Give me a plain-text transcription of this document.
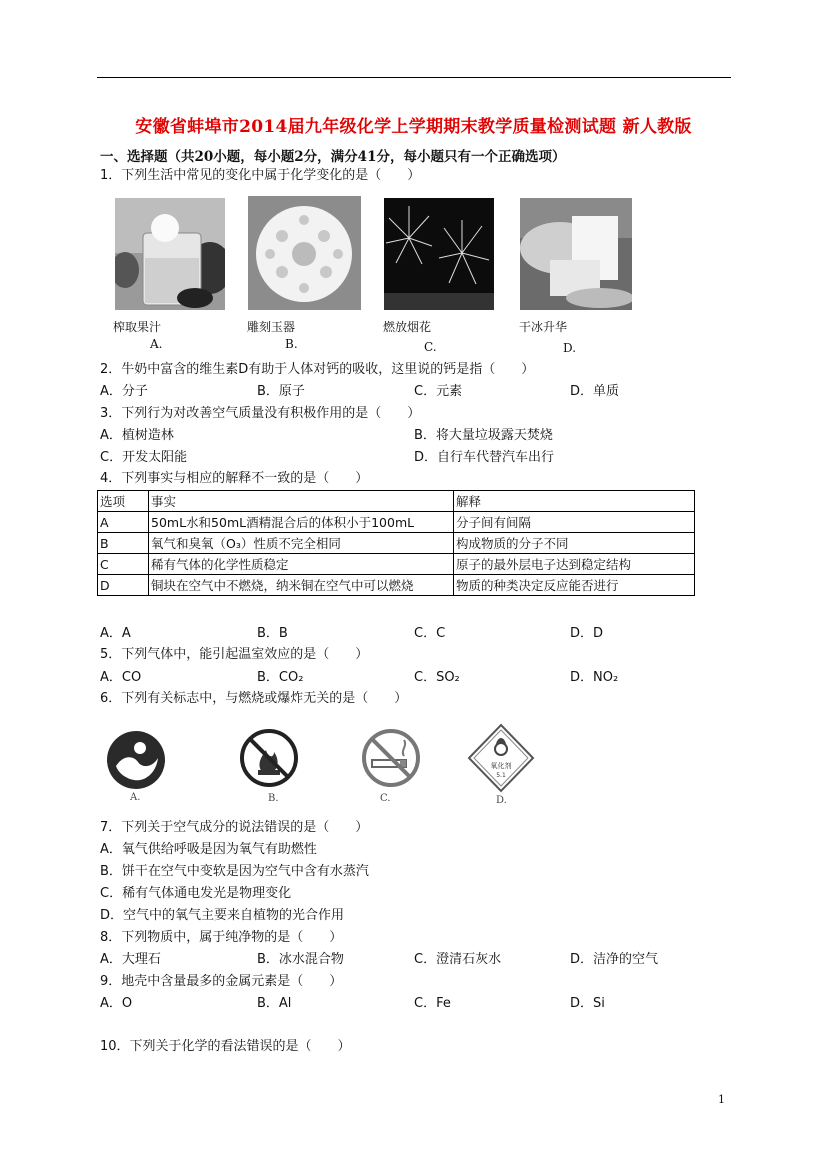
安徽省蚌埠市2014届九年级化学上学期期末教学质量检测试题 新人教版
一、选择题（共20小题，每小题2分，满分41分，每小题只有一个正确选项）
1．下列生活中常见的变化中属于化学变化的是（　　）
榨取果汁
A.
雕刻玉器
B.
燃放烟花
C.
干冰升华
D.
2．牛奶中富含的维生素D有助于人体对钙的吸收，这里说的钙是指（　　）
A．分子	B．原子	C．元素	D．单质
3．下列行为对改善空气质量没有积极作用的是（　　）
A．植树造林	B．将大量垃圾露天焚烧
C．开发太阳能	D．自行车代替汽车出行
4．下列事实与相应的解释不一致的是（　　）
选项	事实	解释
A	50mL水和50mL酒精混合后的体积小于100mL	分子间有间隔
B	氧气和臭氧（O₃）性质不完全相同	构成物质的分子不同
C	稀有气体的化学性质稳定	原子的最外层电子达到稳定结构
D	铜块在空气中不燃烧，纳米铜在空气中可以燃烧	物质的种类决定反应能否进行
A．A	B．B	C．C	D．D
5．下列气体中，能引起温室效应的是（　　）
A．CO	B．CO₂	C．SO₂	D．NO₂
6．下列有关标志中，与燃烧或爆炸无关的是（　　）
氧化剂
5.1
A.	B.	C.	D.
7．下列关于空气成分的说法错误的是（　　）
A．氧气供给呼吸是因为氧气有助燃性
B．饼干在空气中变软是因为空气中含有水蒸汽
C．稀有气体通电发光是物理变化
D．空气中的氧气主要来自植物的光合作用
8．下列物质中，属于纯净物的是（　　）
A．大理石	B．冰水混合物	C．澄清石灰水	D．洁净的空气
9．地壳中含量最多的金属元素是（　　）
A．O	B．Al	C．Fe	D．Si
10．下列关于化学的看法错误的是（　　）
1
